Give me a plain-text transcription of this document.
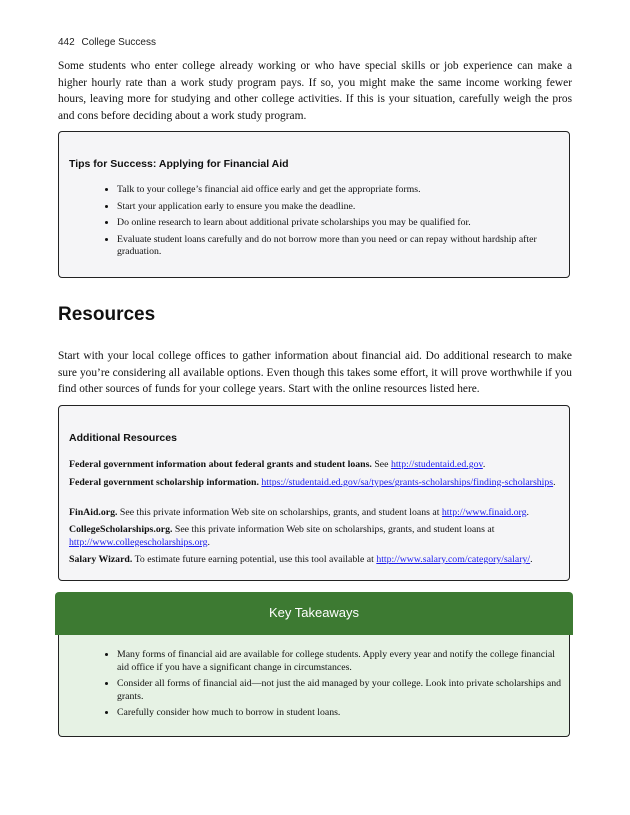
442 College Success

Some students who enter college already working or who have special skills or job experience can make a higher hourly rate than a work study program pays. If so, you might make the same income working fewer hours, leaving more for studying and other college activities. If this is your situation, carefully weigh the pros and cons before deciding about a work study program.

Tips for Success: Applying for Financial Aid
• Talk to your college’s financial aid office early and get the appropriate forms.
• Start your application early to ensure you make the deadline.
• Do online research to learn about additional private scholarships you may be qualified for.
• Evaluate student loans carefully and do not borrow more than you need or can repay without hardship after graduation.
Resources

Start with your local college offices to gather information about financial aid. Do additional research to make sure you’re considering all available options. Even though this takes some effort, it will prove worthwhile if you find other sources of funds for your college years. Start with the online resources listed here.

Additional Resources

Federal government information about federal grants and student loans. See http://studentaid.ed.gov.

Federal government scholarship information. https://studentaid.ed.gov/sa/types/grants-scholarships/finding-scholarships.

FinAid.org. See this private information Web site on scholarships, grants, and student loans at http://www.finaid.org.

CollegeScholarships.org. See this private information Web site on scholarships, grants, and student loans at http://www.collegescholarships.org.

Salary Wizard. To estimate future earning potential, use this tool available at http://www.salary.com/category/salary/.

Key Takeaways
• Many forms of financial aid are available for college students. Apply every year and notify the college financial aid office if you have a significant change in circumstances.
• Consider all forms of financial aid—not just the aid managed by your college. Look into private scholarships and grants.
• Carefully consider how much to borrow in student loans.
